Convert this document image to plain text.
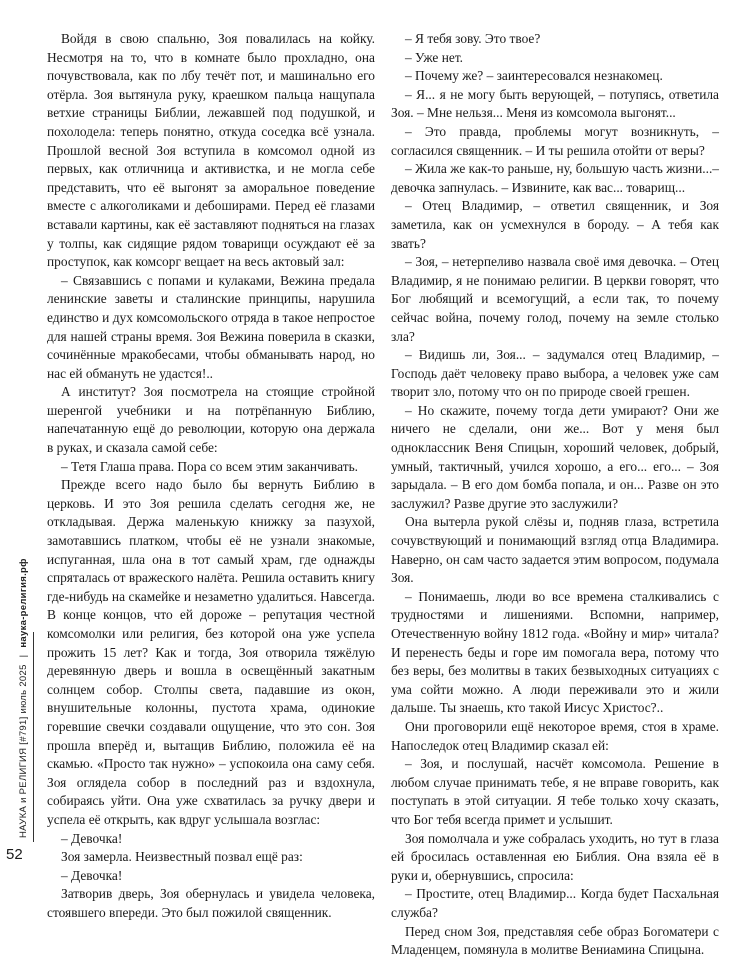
НАУКА и РЕЛИГИЯ [#791] июль 2025 | наука-религия.рф
52

Войдя в свою спальню, Зоя повалилась на койку. Несмотря на то, что в комнате было прохладно, она почувствовала, как по лбу течёт пот, и машинально его отёрла. Зоя вытянула руку, краешком пальца нащупала ветхие страницы Библии, лежавшей под подушкой, и похолодела: теперь понятно, откуда соседка всё узнала. Прошлой весной Зоя вступила в комсомол одной из первых, как отличница и активистка, и не могла себе представить, что её выгонят за аморальное поведение вместе с алкоголиками и дебоширами. Перед её глазами вставали картины, как её заставляют подняться на глазах у толпы, как сидящие рядом товарищи осуждают её за проступок, как комсорг вещает на весь актовый зал:

– Связавшись с попами и кулаками, Вежина предала ленинские заветы и сталинские принципы, нарушила единство и дух комсомольского отряда в такое непростое для нашей страны время. Зоя Вежина поверила в сказки, сочинённые мракобесами, чтобы обманывать народ, но нас ей обмануть не удастся!..

А институт? Зоя посмотрела на стоящие стройной шеренгой учебники и на потрёпанную Библию, напечатанную ещё до революции, которую она держала в руках, и сказала самой себе:

– Тетя Глаша права. Пора со всем этим заканчивать.

Прежде всего надо было бы вернуть Библию в церковь. И это Зоя решила сделать сегодня же, не откладывая. Держа маленькую книжку за пазухой, замотавшись платком, чтобы её не узнали знакомые, испуганная, шла она в тот самый храм, где однажды спряталась от вражеского налёта. Решила оставить книгу где-нибудь на скамейке и незаметно удалиться. Навсегда. В конце концов, что ей дороже – репутация честной комсомолки или религия, без которой она уже успела прожить 15 лет? Как и тогда, Зоя отворила тяжёлую деревянную дверь и вошла в освещённый закатным солнцем собор. Столпы света, падавшие из окон, внушительные колонны, пустота храма, одинокие горевшие свечки создавали ощущение, что это сон. Зоя прошла вперёд и, вытащив Библию, положила её на скамью. «Просто так нужно» – успокоила она саму себя. Зоя оглядела собор в последний раз и вздохнула, собираясь уйти. Она уже схватилась за ручку двери и успела её открыть, как вдруг услышала возглас:

– Девочка!

Зоя замерла. Неизвестный позвал ещё раз:

– Девочка!

Затворив дверь, Зоя обернулась и увидела человека, стоявшего впереди. Это был пожилой священник.

– Я тебя зову. Это твое?

– Уже нет.

– Почему же? – заинтересовался незнакомец.

– Я... я не могу быть верующей, – потупясь, ответила Зоя. – Мне нельзя... Меня из комсомола выгонят...

– Это правда, проблемы могут возникнуть, – согласился священник. – И ты решила отойти от веры?

– Жила же как-то раньше, ну, большую часть жизни...– девочка запнулась. – Извините, как вас... товарищ...

– Отец Владимир, – ответил священник, и Зоя заметила, как он усмехнулся в бороду. – А тебя как звать?

– Зоя, – нетерпеливо назвала своё имя девочка. – Отец Владимир, я не понимаю религии. В церкви говорят, что Бог любящий и всемогущий, а если так, то почему сейчас война, почему голод, почему на земле столько зла?

– Видишь ли, Зоя... – задумался отец Владимир, – Господь даёт человеку право выбора, а человек уже сам творит зло, потому что он по природе своей грешен.

– Но скажите, почему тогда дети умирают? Они же ничего не сделали, они же... Вот у меня был одноклассник Веня Спицын, хороший человек, добрый, умный, тактичный, учился хорошо, а его... его... – Зоя зарыдала. – В его дом бомба попала, и он... Разве он это заслужил? Разве другие это заслужили?

Она вытерла рукой слёзы и, подняв глаза, встретила сочувствующий и понимающий взгляд отца Владимира. Наверно, он сам часто задается этим вопросом, подумала Зоя.

– Понимаешь, люди во все времена сталкивались с трудностями и лишениями. Вспомни, например, Отечественную войну 1812 года. «Войну и мир» читала? И перенесть беды и горе им помогала вера, потому что без веры, без молитвы в таких безвыходных ситуациях с ума сойти можно. А люди переживали это и жили дальше. Ты знаешь, кто такой Иисус Христос?..

Они проговорили ещё некоторое время, стоя в храме. Напоследок отец Владимир сказал ей:

– Зоя, и послушай, насчёт комсомола. Решение в любом случае принимать тебе, я не вправе говорить, как поступать в этой ситуации. Я тебе только хочу сказать, что Бог тебя всегда примет и услышит.

Зоя помолчала и уже собралась уходить, но тут в глаза ей бросилась оставленная ею Библия. Она взяла её в руки и, обернувшись, спросила:

– Простите, отец Владимир... Когда будет Пасхальная служба?

Перед сном Зоя, представляя себе образ Богоматери с Младенцем, помянула в молитве Вениамина Спицына.
